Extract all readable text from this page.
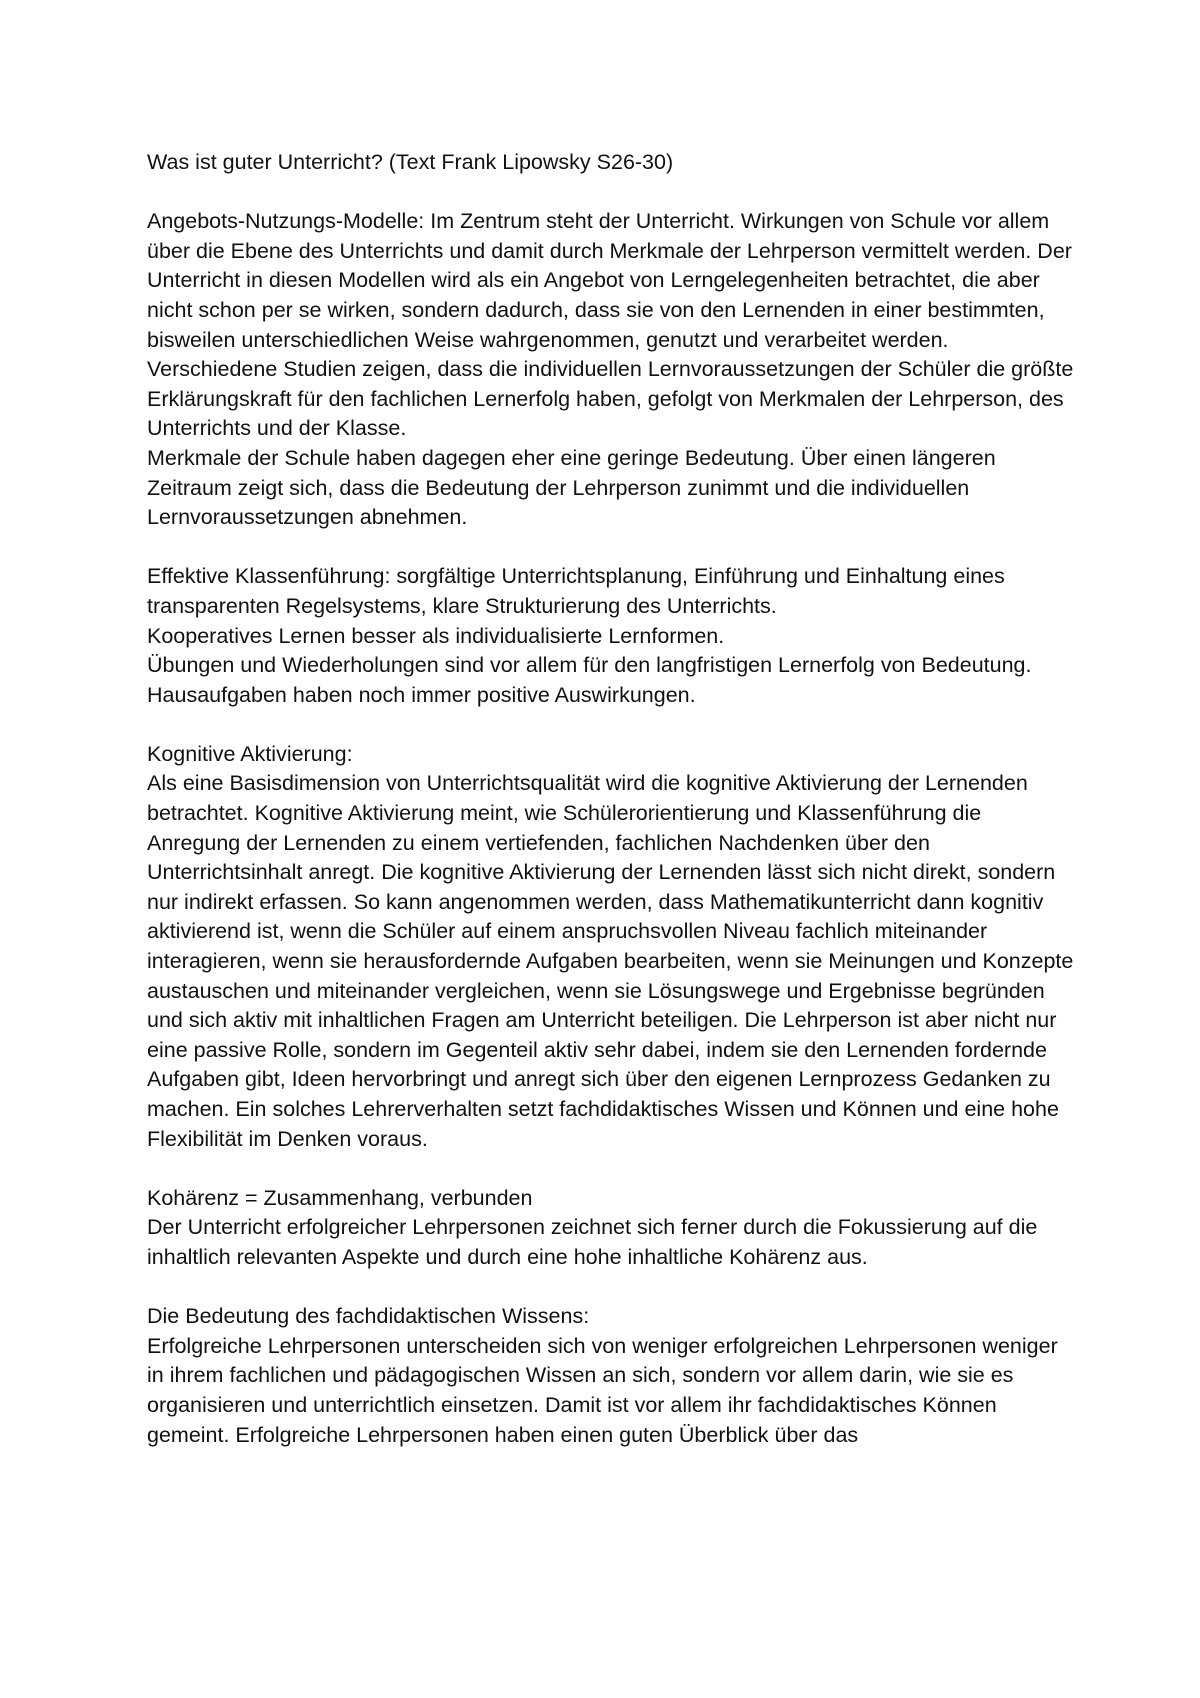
Was ist guter Unterricht? (Text Frank Lipowsky S26-30)

Angebots-Nutzungs-Modelle: Im Zentrum steht der Unterricht. Wirkungen von Schule vor allem über die Ebene des Unterrichts und damit durch Merkmale der Lehrperson vermittelt werden. Der Unterricht in diesen Modellen wird als ein Angebot von Lerngelegenheiten betrachtet, die aber nicht schon per se wirken, sondern dadurch, dass sie von den Lernenden in einer bestimmten, bisweilen unterschiedlichen Weise wahrgenommen, genutzt und verarbeitet werden.

Verschiedene Studien zeigen, dass die individuellen Lernvoraussetzungen der Schüler die größte Erklärungskraft für den fachlichen Lernerfolg haben, gefolgt von Merkmalen der Lehrperson, des Unterrichts und der Klasse.

Merkmale der Schule haben dagegen eher eine geringe Bedeutung. Über einen längeren Zeitraum zeigt sich, dass die Bedeutung der Lehrperson zunimmt und die individuellen Lernvoraussetzungen abnehmen.

Effektive Klassenführung: sorgfältige Unterrichtsplanung, Einführung und Einhaltung eines transparenten Regelsystems, klare Strukturierung des Unterrichts.

Kooperatives Lernen besser als individualisierte Lernformen.

Übungen und Wiederholungen sind vor allem für den langfristigen Lernerfolg von Bedeutung.

Hausaufgaben haben noch immer positive Auswirkungen.

Kognitive Aktivierung:

Als eine Basisdimension von Unterrichtsqualität wird die kognitive Aktivierung der Lernenden betrachtet. Kognitive Aktivierung meint, wie Schülerorientierung und Klassenführung die Anregung der Lernenden zu einem vertiefenden, fachlichen Nachdenken über den Unterrichtsinhalt anregt. Die kognitive Aktivierung der Lernenden lässt sich nicht direkt, sondern nur indirekt erfassen. So kann angenommen werden, dass Mathematikunterricht dann kognitiv aktivierend ist, wenn die Schüler auf einem anspruchsvollen Niveau fachlich miteinander interagieren, wenn sie herausfordernde Aufgaben bearbeiten, wenn sie Meinungen und Konzepte austauschen und miteinander vergleichen, wenn sie Lösungswege und Ergebnisse begründen und sich aktiv mit inhaltlichen Fragen am Unterricht beteiligen. Die Lehrperson ist aber nicht nur eine passive Rolle, sondern im Gegenteil aktiv sehr dabei, indem sie den Lernenden fordernde Aufgaben gibt, Ideen hervorbringt und anregt sich über den eigenen Lernprozess Gedanken zu machen. Ein solches Lehrerverhalten setzt fachdidaktisches Wissen und Können und eine hohe Flexibilität im Denken voraus.

Kohärenz = Zusammenhang, verbunden

Der Unterricht erfolgreicher Lehrpersonen zeichnet sich ferner durch die Fokussierung auf die inhaltlich relevanten Aspekte und durch eine hohe inhaltliche Kohärenz aus.

Die Bedeutung des fachdidaktischen Wissens:

Erfolgreiche Lehrpersonen unterscheiden sich von weniger erfolgreichen Lehrpersonen weniger in ihrem fachlichen und pädagogischen Wissen an sich, sondern vor allem darin, wie sie es organisieren und unterrichtlich einsetzen. Damit ist vor allem ihr fachdidaktisches Können gemeint. Erfolgreiche Lehrpersonen haben einen guten Überblick über das
